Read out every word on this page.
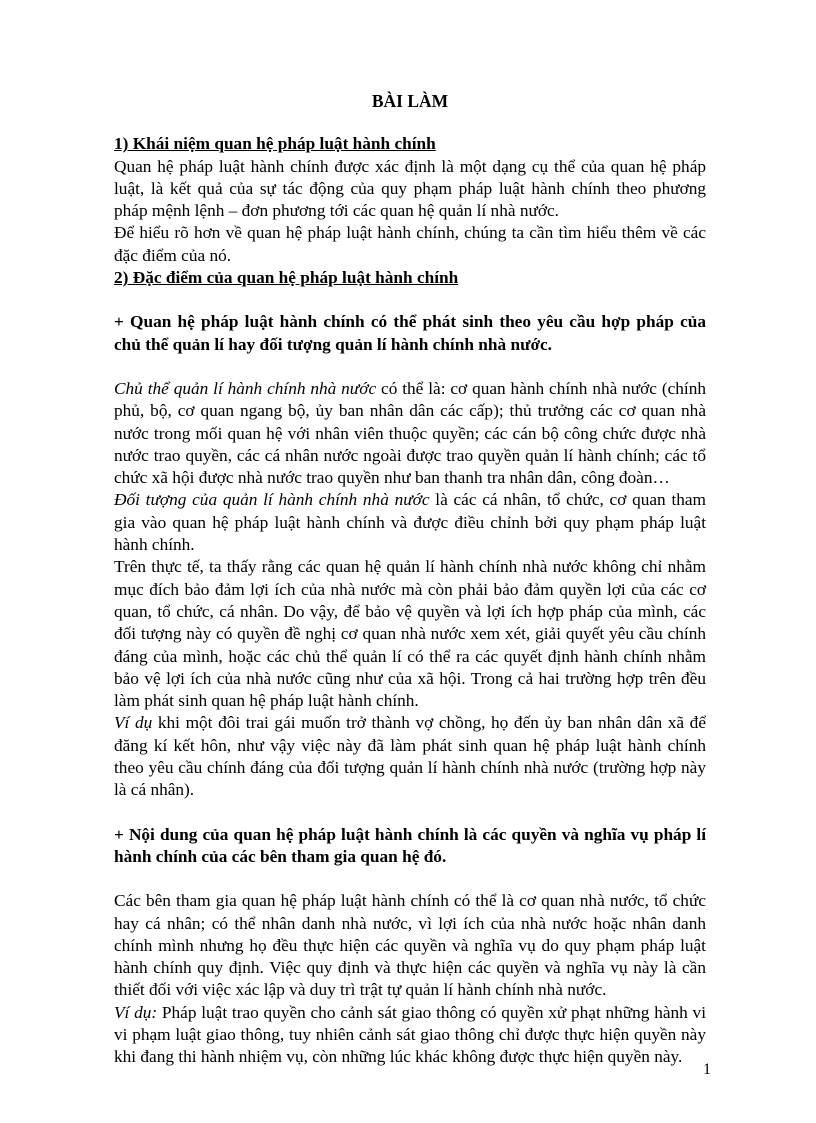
BÀI LÀM
1) Khái niệm quan hệ pháp luật hành chính

Quan hệ pháp luật hành chính được xác định là một dạng cụ thể của quan hệ pháp luật, là kết quả của sự tác động của quy phạm pháp luật hành chính theo phương pháp mệnh lệnh – đơn phương tới các quan hệ quản lí nhà nước.

Để hiểu rõ hơn về quan hệ pháp luật hành chính, chúng ta cần tìm hiểu thêm về các đặc điểm của nó.

2) Đặc điểm của quan hệ pháp luật hành chính

+ Quan hệ pháp luật hành chính có thể phát sinh theo yêu cầu hợp pháp của chủ thể quản lí hay đối tượng quản lí hành chính nhà nước.

Chủ thể quản lí hành chính nhà nước có thể là: cơ quan hành chính nhà nước (chính phủ, bộ, cơ quan ngang bộ, ủy ban nhân dân các cấp); thủ trưởng các cơ quan nhà nước trong mối quan hệ với nhân viên thuộc quyền; các cán bộ công chức được nhà nước trao quyền, các cá nhân nước ngoài được trao quyền quản lí hành chính; các tổ chức xã hội được nhà nước trao quyền như ban thanh tra nhân dân, công đoàn…

Đối tượng của quản lí hành chính nhà nước là các cá nhân, tổ chức, cơ quan tham gia vào quan hệ pháp luật hành chính và được điều chỉnh bởi quy phạm pháp luật hành chính.

Trên thực tế, ta thấy rằng các quan hệ quản lí hành chính nhà nước không chỉ nhằm mục đích bảo đảm lợi ích của nhà nước mà còn phải bảo đảm quyền lợi của các cơ quan, tổ chức, cá nhân. Do vậy, để bảo vệ quyền và lợi ích hợp pháp của mình, các đối tượng này có quyền đề nghị cơ quan nhà nước xem xét, giải quyết yêu cầu chính đáng của mình, hoặc các chủ thể quản lí có thể ra các quyết định hành chính nhằm bảo vệ lợi ích của nhà nước cũng như của xã hội. Trong cả hai trường hợp trên đều làm phát sinh quan hệ pháp luật hành chính.

Ví dụ khi một đôi trai gái muốn trở thành vợ chồng, họ đến ủy ban nhân dân xã để đăng kí kết hôn, như vậy việc này đã làm phát sinh quan hệ pháp luật hành chính theo yêu cầu chính đáng của đối tượng quản lí hành chính nhà nước (trường hợp này là cá nhân).

+ Nội dung của quan hệ pháp luật hành chính là các quyền và nghĩa vụ pháp lí hành chính của các bên tham gia quan hệ đó.

Các bên tham gia quan hệ pháp luật hành chính có thể là cơ quan nhà nước, tổ chức hay cá nhân; có thể nhân danh nhà nước, vì lợi ích của nhà nước hoặc nhân danh chính mình nhưng họ đều thực hiện các quyền và nghĩa vụ do quy phạm pháp luật hành chính quy định. Việc quy định và thực hiện các quyền và nghĩa vụ này là cần thiết đối với việc xác lập và duy trì trật tự quản lí hành chính nhà nước.

Ví dụ: Pháp luật trao quyền cho cảnh sát giao thông có quyền xử phạt những hành vi vi phạm luật giao thông, tuy nhiên cảnh sát giao thông chỉ được thực hiện quyền này khi đang thi hành nhiệm vụ, còn những lúc khác không được thực hiện quyền này.

1
